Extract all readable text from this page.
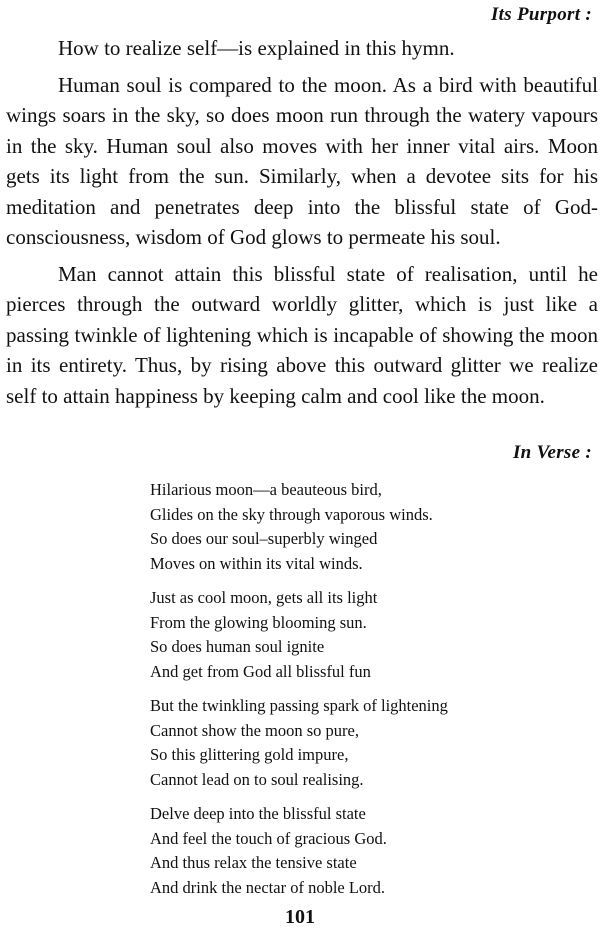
Its Purport :

How to realize self—is explained in this hymn.

Human soul is compared to the moon. As a bird with beautiful wings soars in the sky, so does moon run through the watery vapours in the sky. Human soul also moves with her inner vital airs. Moon gets its light from the sun. Similarly, when a devotee sits for his meditation and penetrates deep into the blissful state of God-consciousness, wisdom of God glows to permeate his soul.

Man cannot attain this blissful state of realisation, until he pierces through the outward worldly glitter, which is just like a passing twinkle of lightening which is incapable of showing the moon in its entirety. Thus, by rising above this outward glitter we realize self to attain happiness by keeping calm and cool like the moon.

In Verse :
Hilarious moon—a beauteous bird,
Glides on the sky through vaporous winds.
So does our soul–superbly winged
Moves on within its vital winds.
Just as cool moon, gets all its light
From the glowing blooming sun.
So does human soul ignite
And get from God all blissful fun
But the twinkling passing spark of lightening
Cannot show the moon so pure,
So this glittering gold impure,
Cannot lead on to soul realising.
Delve deep into the blissful state
And feel the touch of gracious God.
And thus relax the tensive state
And drink the nectar of noble Lord.
101
